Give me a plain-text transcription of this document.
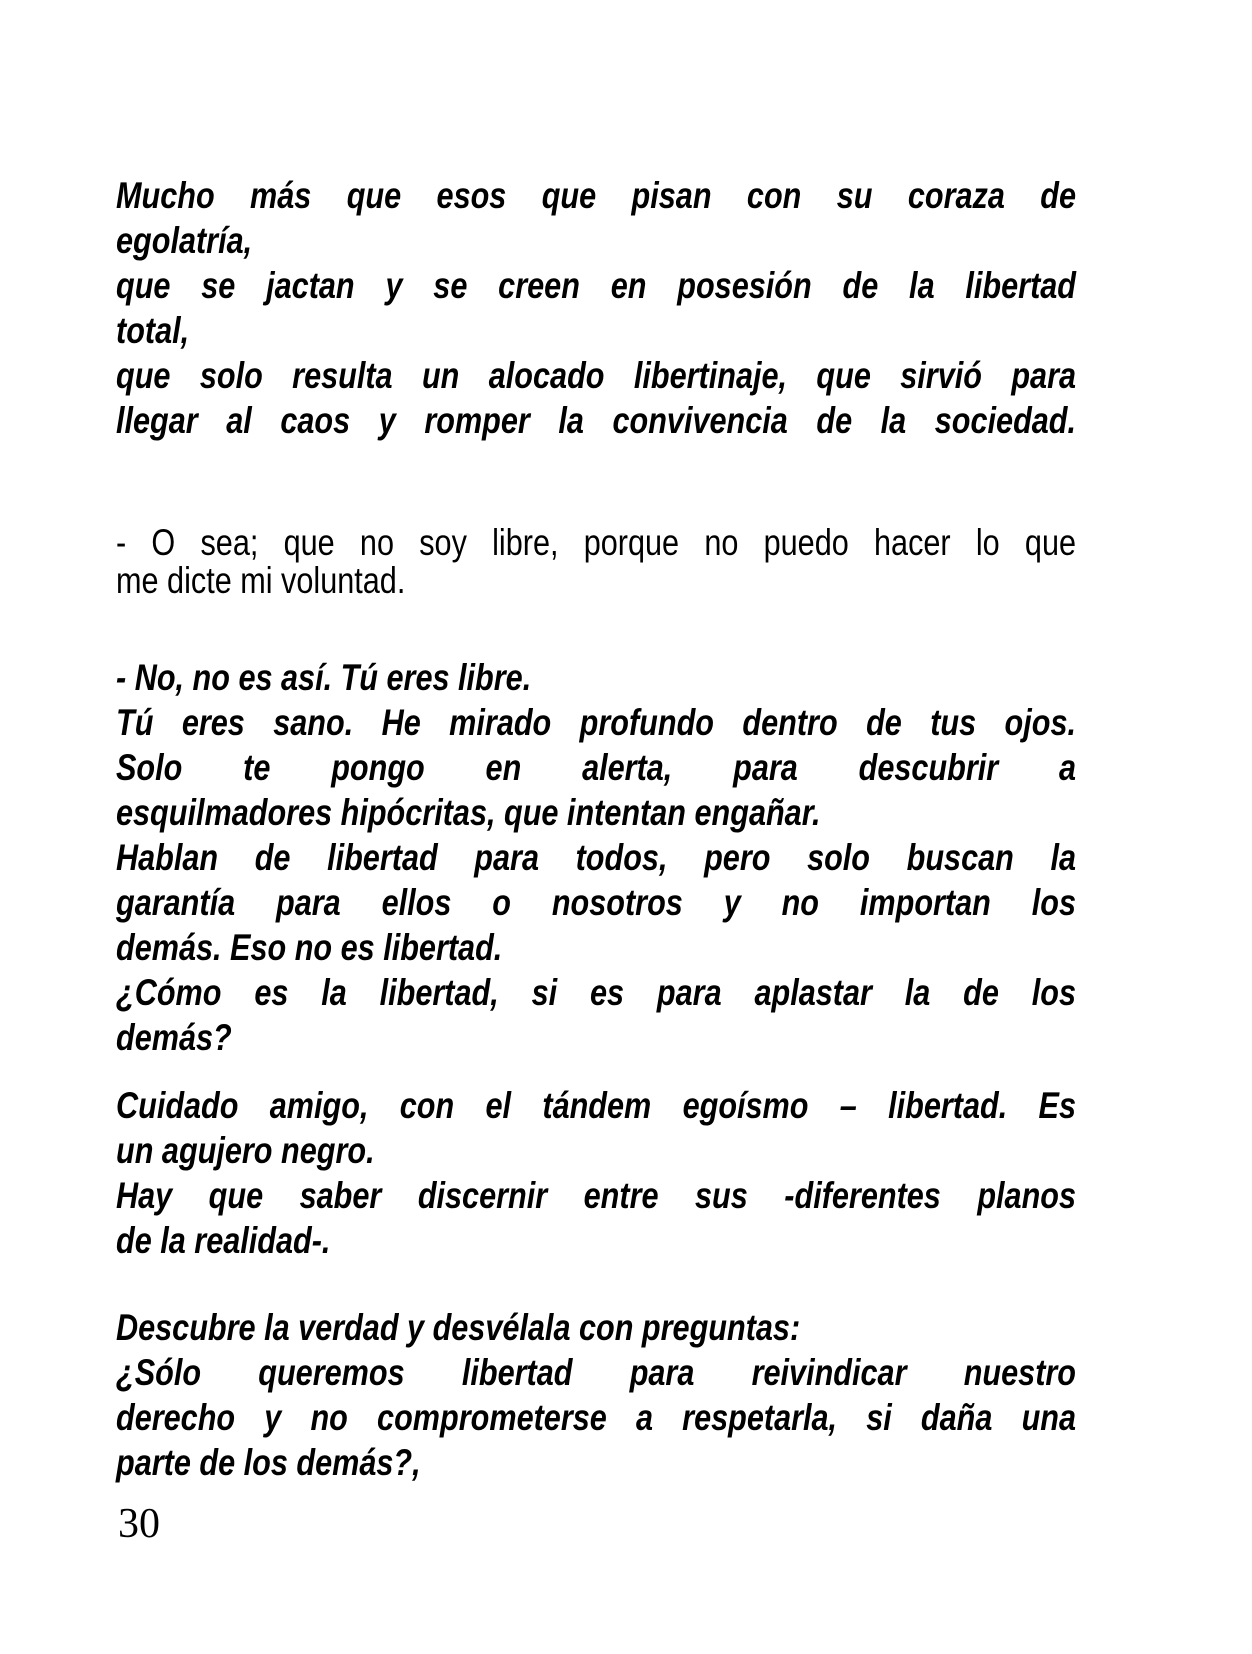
Mucho más que esos que pisan con su coraza de
egolatría,
que se jactan y se creen en posesión de la libertad
total,
que solo resulta un alocado libertinaje, que sirvió para
llegar al caos y romper la convivencia de la sociedad.
- O sea; que no soy libre, porque no puedo hacer lo que
me dicte mi voluntad.
- No, no es así. Tú eres libre.
Tú eres sano. He mirado profundo dentro de tus ojos.
Solo te pongo en alerta, para descubrir a
esquilmadores hipócritas, que intentan engañar.
Hablan de libertad para todos, pero solo buscan la
garantía para ellos o nosotros y no importan los
demás. Eso no es libertad.
¿Cómo es la libertad, si es para aplastar la de los
demás?
Cuidado amigo, con el tándem egoísmo – libertad. Es
un agujero negro.
Hay que saber discernir entre sus -diferentes planos
de la realidad-.
Descubre la verdad y desvélala con preguntas:
¿Sólo queremos libertad para reivindicar nuestro
derecho y no comprometerse a respetarla, si daña una
parte de los demás?,
30
